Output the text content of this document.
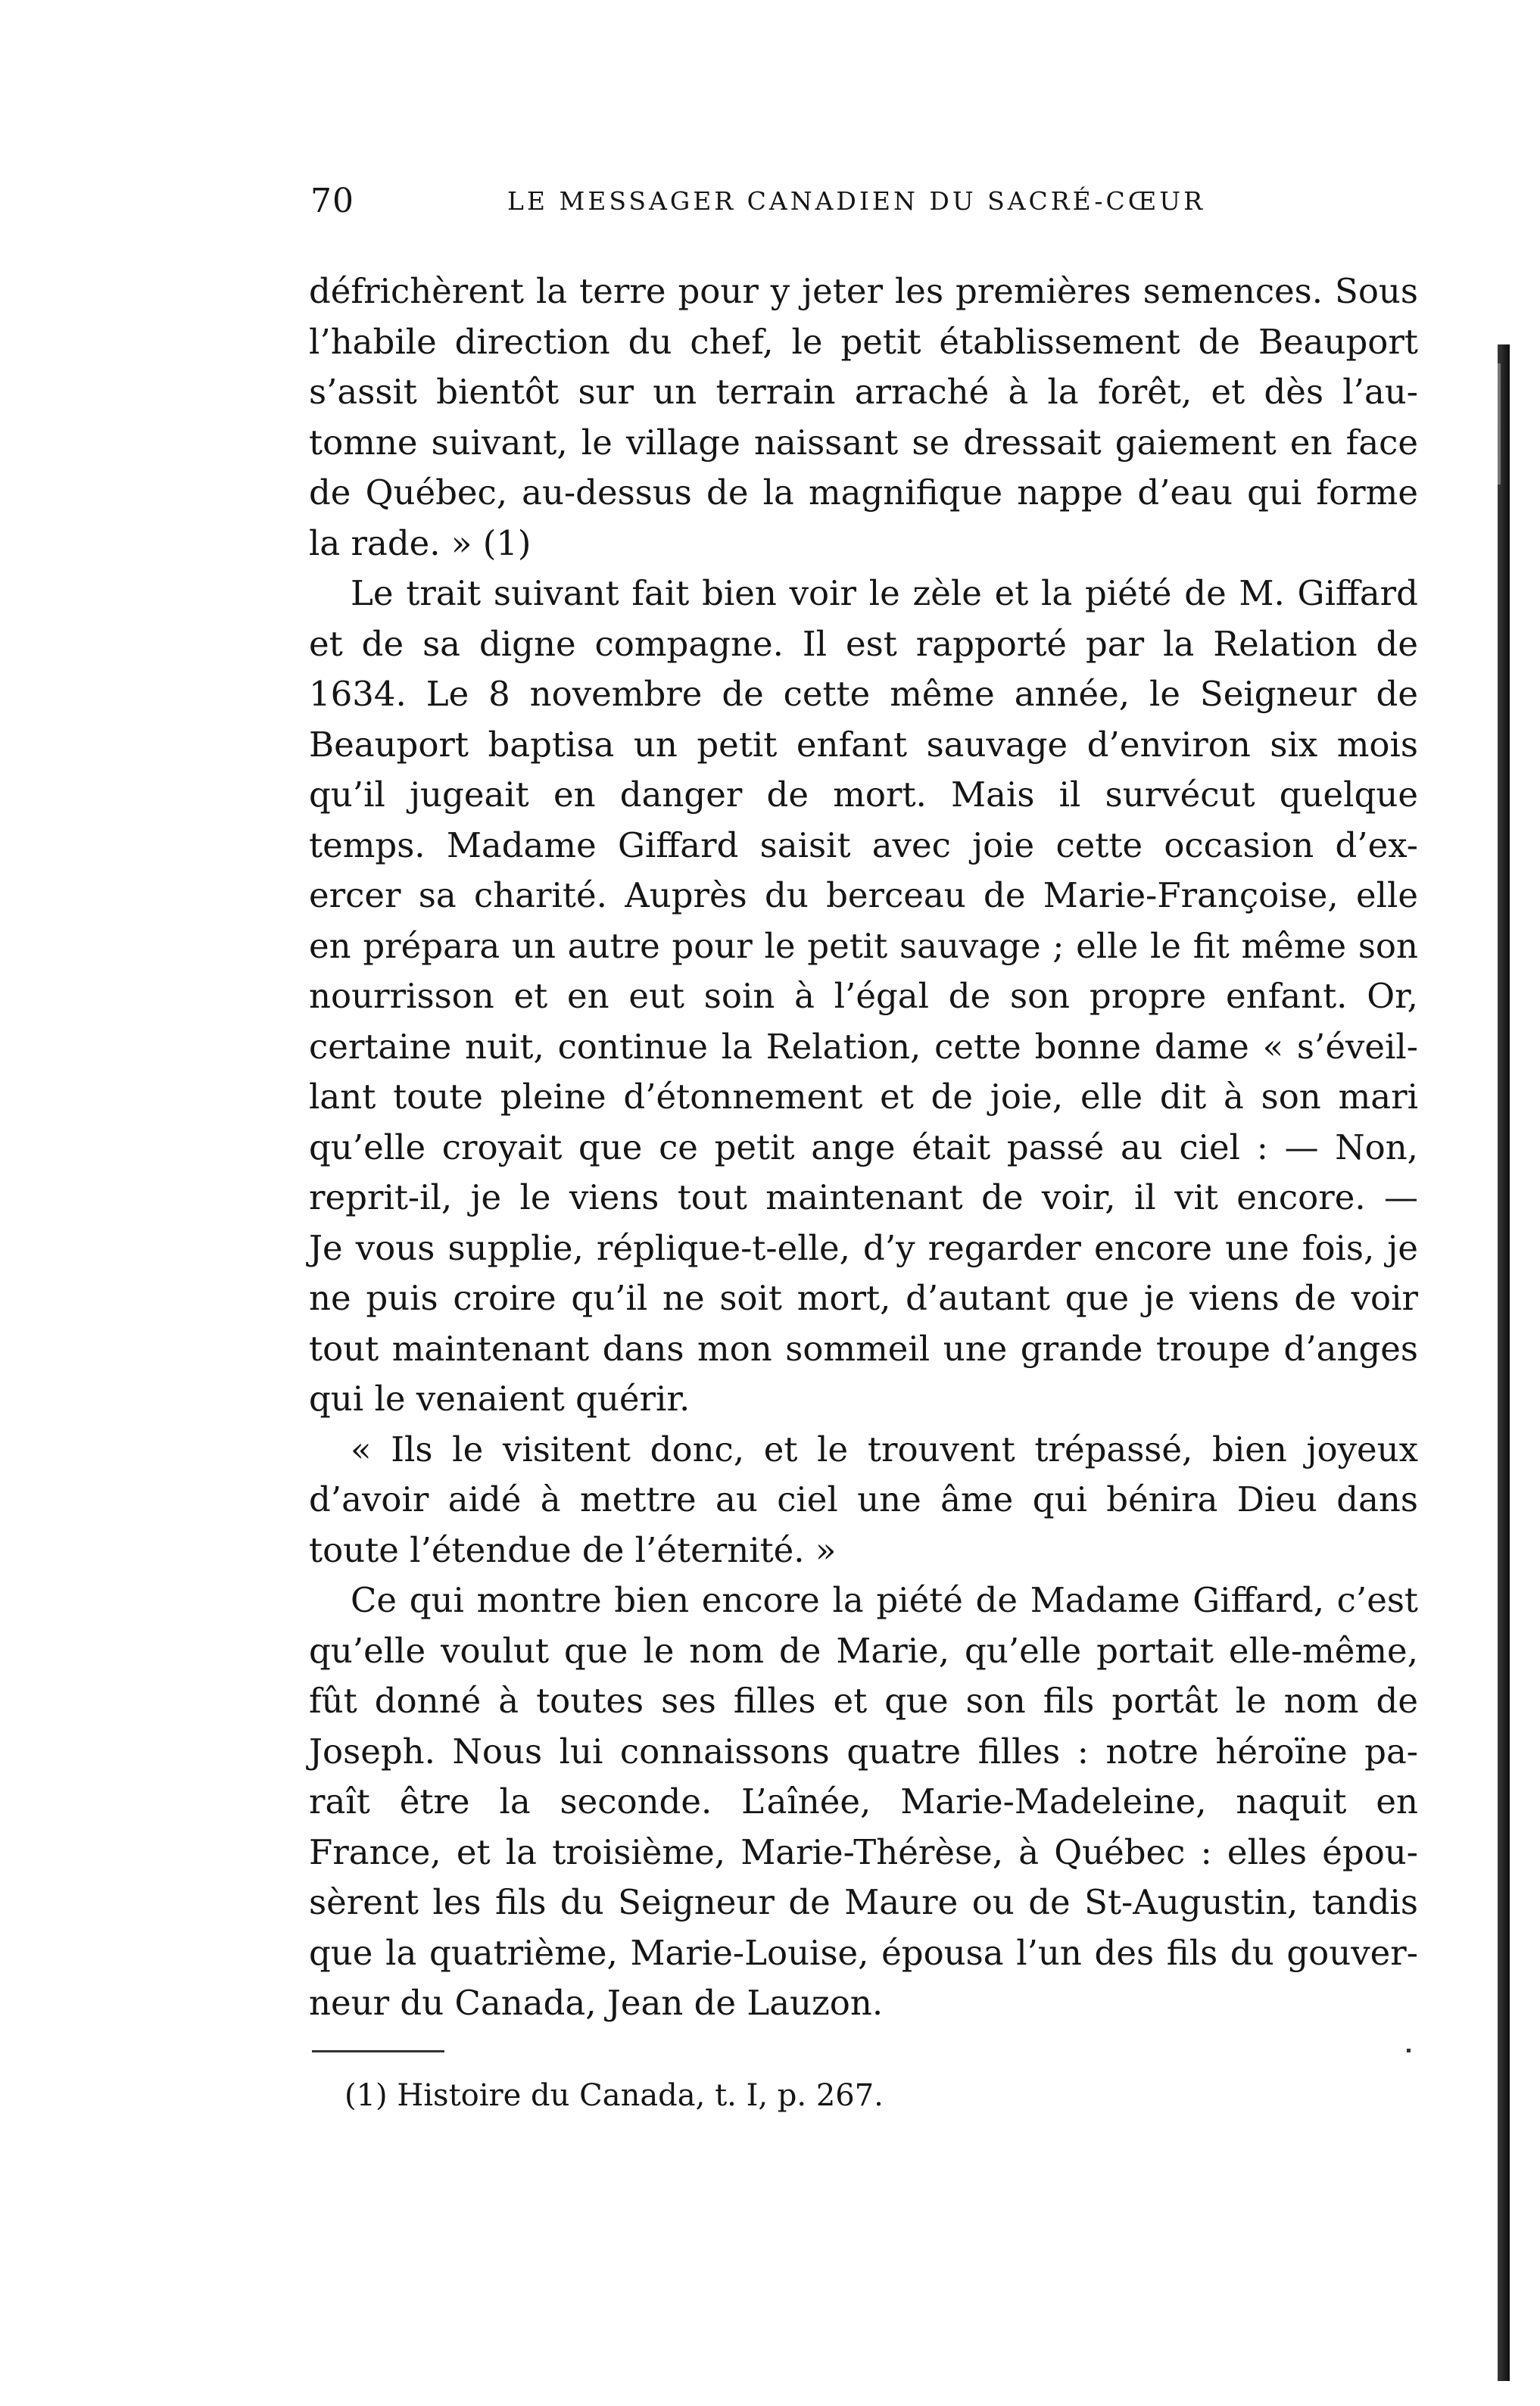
70	LE MESSAGER CANADIEN DU SACRÉ-CŒUR
défrichèrent la terre pour y jeter les premières semences. Sous
l’habile direction du chef, le petit établissement de Beauport
s’assit bientôt sur un terrain arraché à la forêt, et dès l’au-
tomne suivant, le village naissant se dressait gaiement en face
de Québec, au-dessus de la magnifique nappe d’eau qui forme
la rade. » (1)
Le trait suivant fait bien voir le zèle et la piété de M. Giffard
et de sa digne compagne. Il est rapporté par la Relation de
1634. Le 8 novembre de cette même année, le Seigneur de
Beauport baptisa un petit enfant sauvage d’environ six mois
qu’il jugeait en danger de mort. Mais il survécut quelque
temps. Madame Giffard saisit avec joie cette occasion d’ex-
ercer sa charité. Auprès du berceau de Marie-Françoise, elle
en prépara un autre pour le petit sauvage ; elle le fit même son
nourrisson et en eut soin à l’égal de son propre enfant. Or,
certaine nuit, continue la Relation, cette bonne dame « s’éveil-
lant toute pleine d’étonnement et de joie, elle dit à son mari
qu’elle croyait que ce petit ange était passé au ciel : — Non,
reprit-il, je le viens tout maintenant de voir, il vit encore. —
Je vous supplie, réplique-t-elle, d’y regarder encore une fois, je
ne puis croire qu’il ne soit mort, d’autant que je viens de voir
tout maintenant dans mon sommeil une grande troupe d’anges
qui le venaient quérir.
« Ils le visitent donc, et le trouvent trépassé, bien joyeux
d’avoir aidé à mettre au ciel une âme qui bénira Dieu dans
toute l’étendue de l’éternité. »
Ce qui montre bien encore la piété de Madame Giffard, c’est
qu’elle voulut que le nom de Marie, qu’elle portait elle-même,
fût donné à toutes ses filles et que son fils portât le nom de
Joseph. Nous lui connaissons quatre filles : notre héroïne pa-
raît être la seconde. L’aînée, Marie-Madeleine, naquit en
France, et la troisième, Marie-Thérèse, à Québec : elles épou-
sèrent les fils du Seigneur de Maure ou de St-Augustin, tandis
que la quatrième, Marie-Louise, épousa l’un des fils du gouver-
neur du Canada, Jean de Lauzon.
(1) Histoire du Canada, t. I, p. 267.
